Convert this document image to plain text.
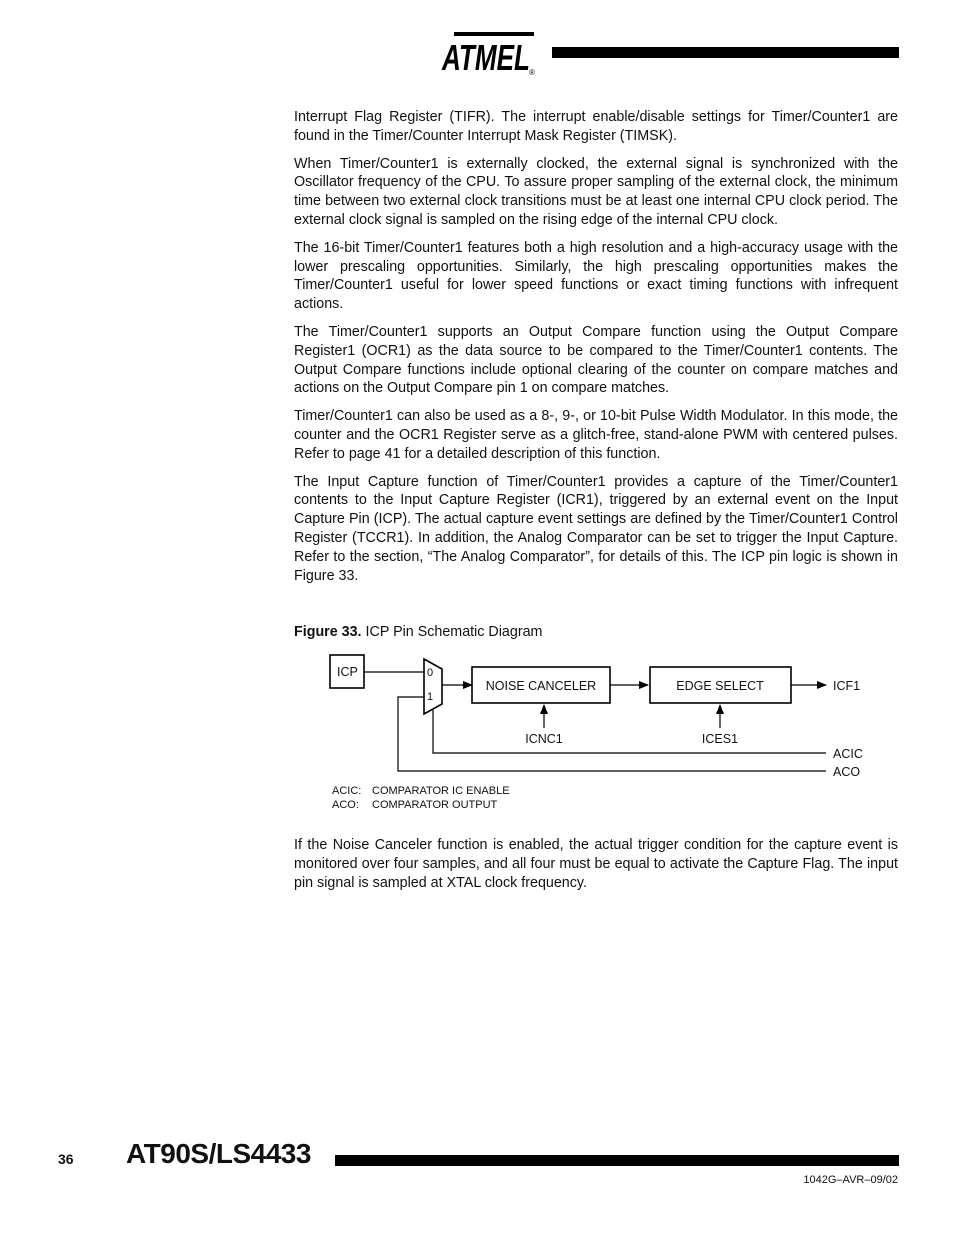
ATMEL ®

Interrupt Flag Register (TIFR). The interrupt enable/disable settings for Timer/Counter1 are found in the Timer/Counter Interrupt Mask Register (TIMSK).

When Timer/Counter1 is externally clocked, the external signal is synchronized with the Oscillator frequency of the CPU. To assure proper sampling of the external clock, the minimum time between two external clock transitions must be at least one internal CPU clock period. The external clock signal is sampled on the rising edge of the internal CPU clock.

The 16-bit Timer/Counter1 features both a high resolution and a high-accuracy usage with the lower prescaling opportunities. Similarly, the high prescaling opportunities makes the Timer/Counter1 useful for lower speed functions or exact timing functions with infrequent actions.

The Timer/Counter1 supports an Output Compare function using the Output Compare Register1 (OCR1) as the data source to be compared to the Timer/Counter1 contents. The Output Compare functions include optional clearing of the counter on compare matches and actions on the Output Compare pin 1 on compare matches.

Timer/Counter1 can also be used as a 8-, 9-, or 10-bit Pulse Width Modulator. In this mode, the counter and the OCR1 Register serve as a glitch-free, stand-alone PWM with centered pulses. Refer to page 41 for a detailed description of this function.

The Input Capture function of Timer/Counter1 provides a capture of the Timer/Counter1 contents to the Input Capture Register (ICR1), triggered by an external event on the Input Capture Pin (ICP). The actual capture event settings are defined by the Timer/Counter1 Control Register (TCCR1). In addition, the Analog Comparator can be set to trigger the Input Capture. Refer to the section, “The Analog Comparator”, for details of this. The ICP pin logic is shown in Figure 33.

Figure 33. ICP Pin Schematic Diagram
ICP	0
1
NOISE CANCELER	EDGE SELECT	ICF1
ICNC1	ICES1
ACIC
ACO
ACIC: COMPARATOR IC ENABLE
ACO: COMPARATOR OUTPUT

If the Noise Canceler function is enabled, the actual trigger condition for the capture event is monitored over four samples, and all four must be equal to activate the Capture Flag. The input pin signal is sampled at XTAL clock frequency.

36 AT90S/LS4433
1042G–AVR–09/02
